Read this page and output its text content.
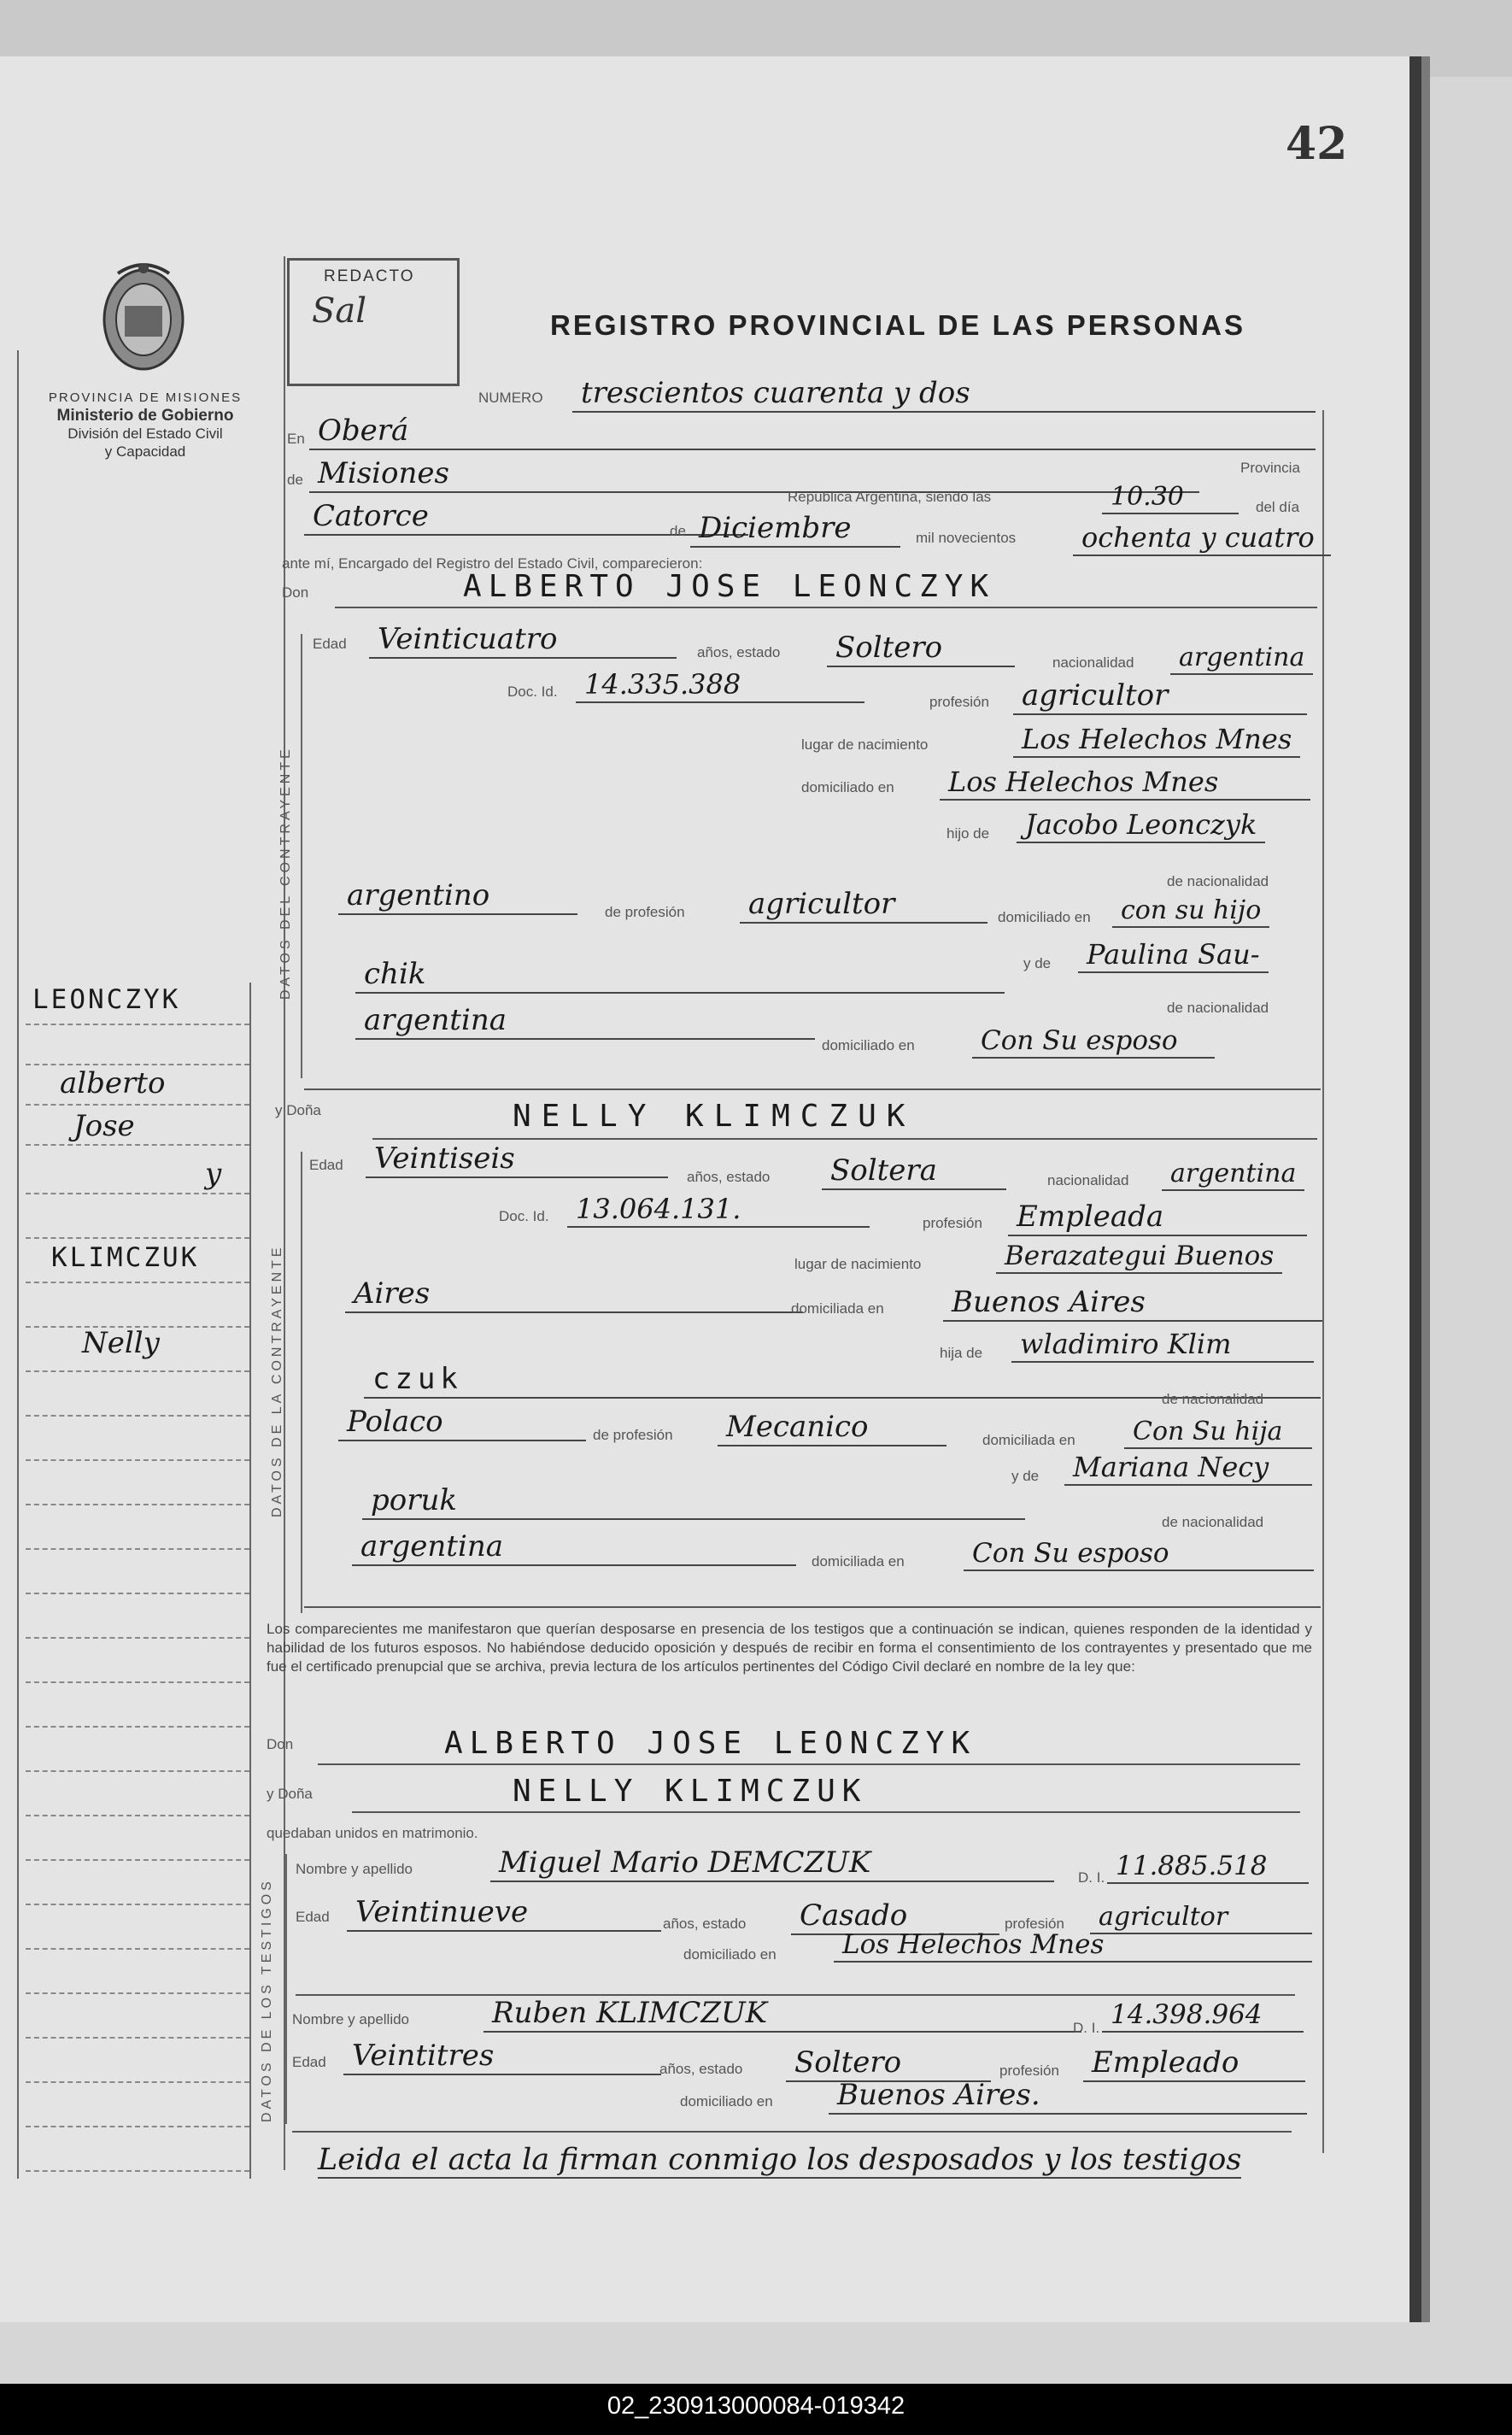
42
PROVINCIA DE MISIONES
Ministerio de Gobierno
División del Estado Civil
y Capacidad
REDACTO
Sal	REGISTRO PROVINCIAL DE LAS PERSONAS
LEONCZYK
alberto
Jose
y
KLIMCZUK
Nelly
NUMERO trescientos cuarenta y dos
En Oberá
de Misiones	Provincia
República Argentina, siendo las	10.30	del día
Catorce	de Diciembre	mil novecientos	ochenta y cuatro
ante mí, Encargado del Registro del Estado Civil, comparecieron:
Don	ALBERTO JOSE LEONCZYK
DATOS DEL CONTRAYENTE
Edad Veinticuatro	años, estado Soltero	nacionalidad	argentina
Doc. Id. 14.335.388
profesión agricultor
lugar de nacimiento	Los Helechos Mnes
domiciliado en	Los Helechos Mnes
hijo de	Jacobo Leonczyk
de nacionalidad
argentino	de profesión agricultor	domiciliado en	con su hijo
y de	Paulina Sau-
chik
de nacionalidad
argentina
domiciliado en	Con Su esposo
y Doña	NELLY KLIMCZUK
DATOS DE LA CONTRAYENTE
Edad Veintiseis
años, estado Soltera	nacionalidad	argentina
Doc. Id. 13.064.131.	profesión Empleada
lugar de nacimiento	Berazategui Buenos
Aires	domiciliada en Buenos Aires
hija de	wladimiro Klim
czuk
de nacionalidad
Polaco	de profesión Mecanico	domiciliada en	Con Su hija
y de	Mariana Necy
poruk
de nacionalidad
argentina	domiciliada en	Con Su esposo
Los comparecientes me manifestaron que querían desposarse en presencia de los testigos que a continuación se indican, quienes responden de la identidad y habilidad de los futuros esposos. No habiéndose deducido oposición y después de recibir en forma el consentimiento de los contrayentes y presentado que me fue el certificado prenupcial que se archiva, previa lectura de los artículos pertinentes del Código Civil declaré en nombre de la ley que:
Don	ALBERTO JOSE LEONCZYK
y Doña	NELLY KLIMCZUK
quedaban unidos en matrimonio.
DATOS DE LOS TESTIGOS
Nombre y apellido	Miguel Mario DEMCZUK	D. I. 11.885.518
Edad Veintinueve	años, estado Casado	profesión	agricultor
domiciliado en	Los Helechos Mnes
Nombre y apellido	Ruben KLIMCZUK	D. I. 14.398.964
Edad Veintitres	años, estado Soltero	profesión Empleado
domiciliado en Buenos Aires.
Leida el acta la firman conmigo los desposados y los testigos
02_230913000084-019342
